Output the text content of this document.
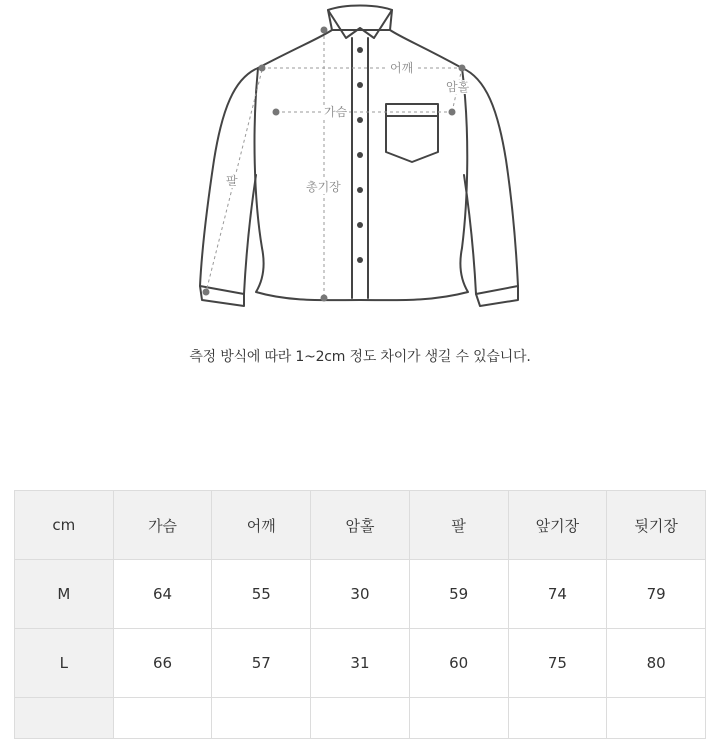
어깨
암홀
가슴
팔	총기장
측정 방식에 따라 1~2cm 정도 차이가 생길 수 있습니다.
cm	가슴	어깨	암홀	팔	앞기장	뒷기장
M	64	55	30	59	74	79
L	66	57	31	60	75	80
